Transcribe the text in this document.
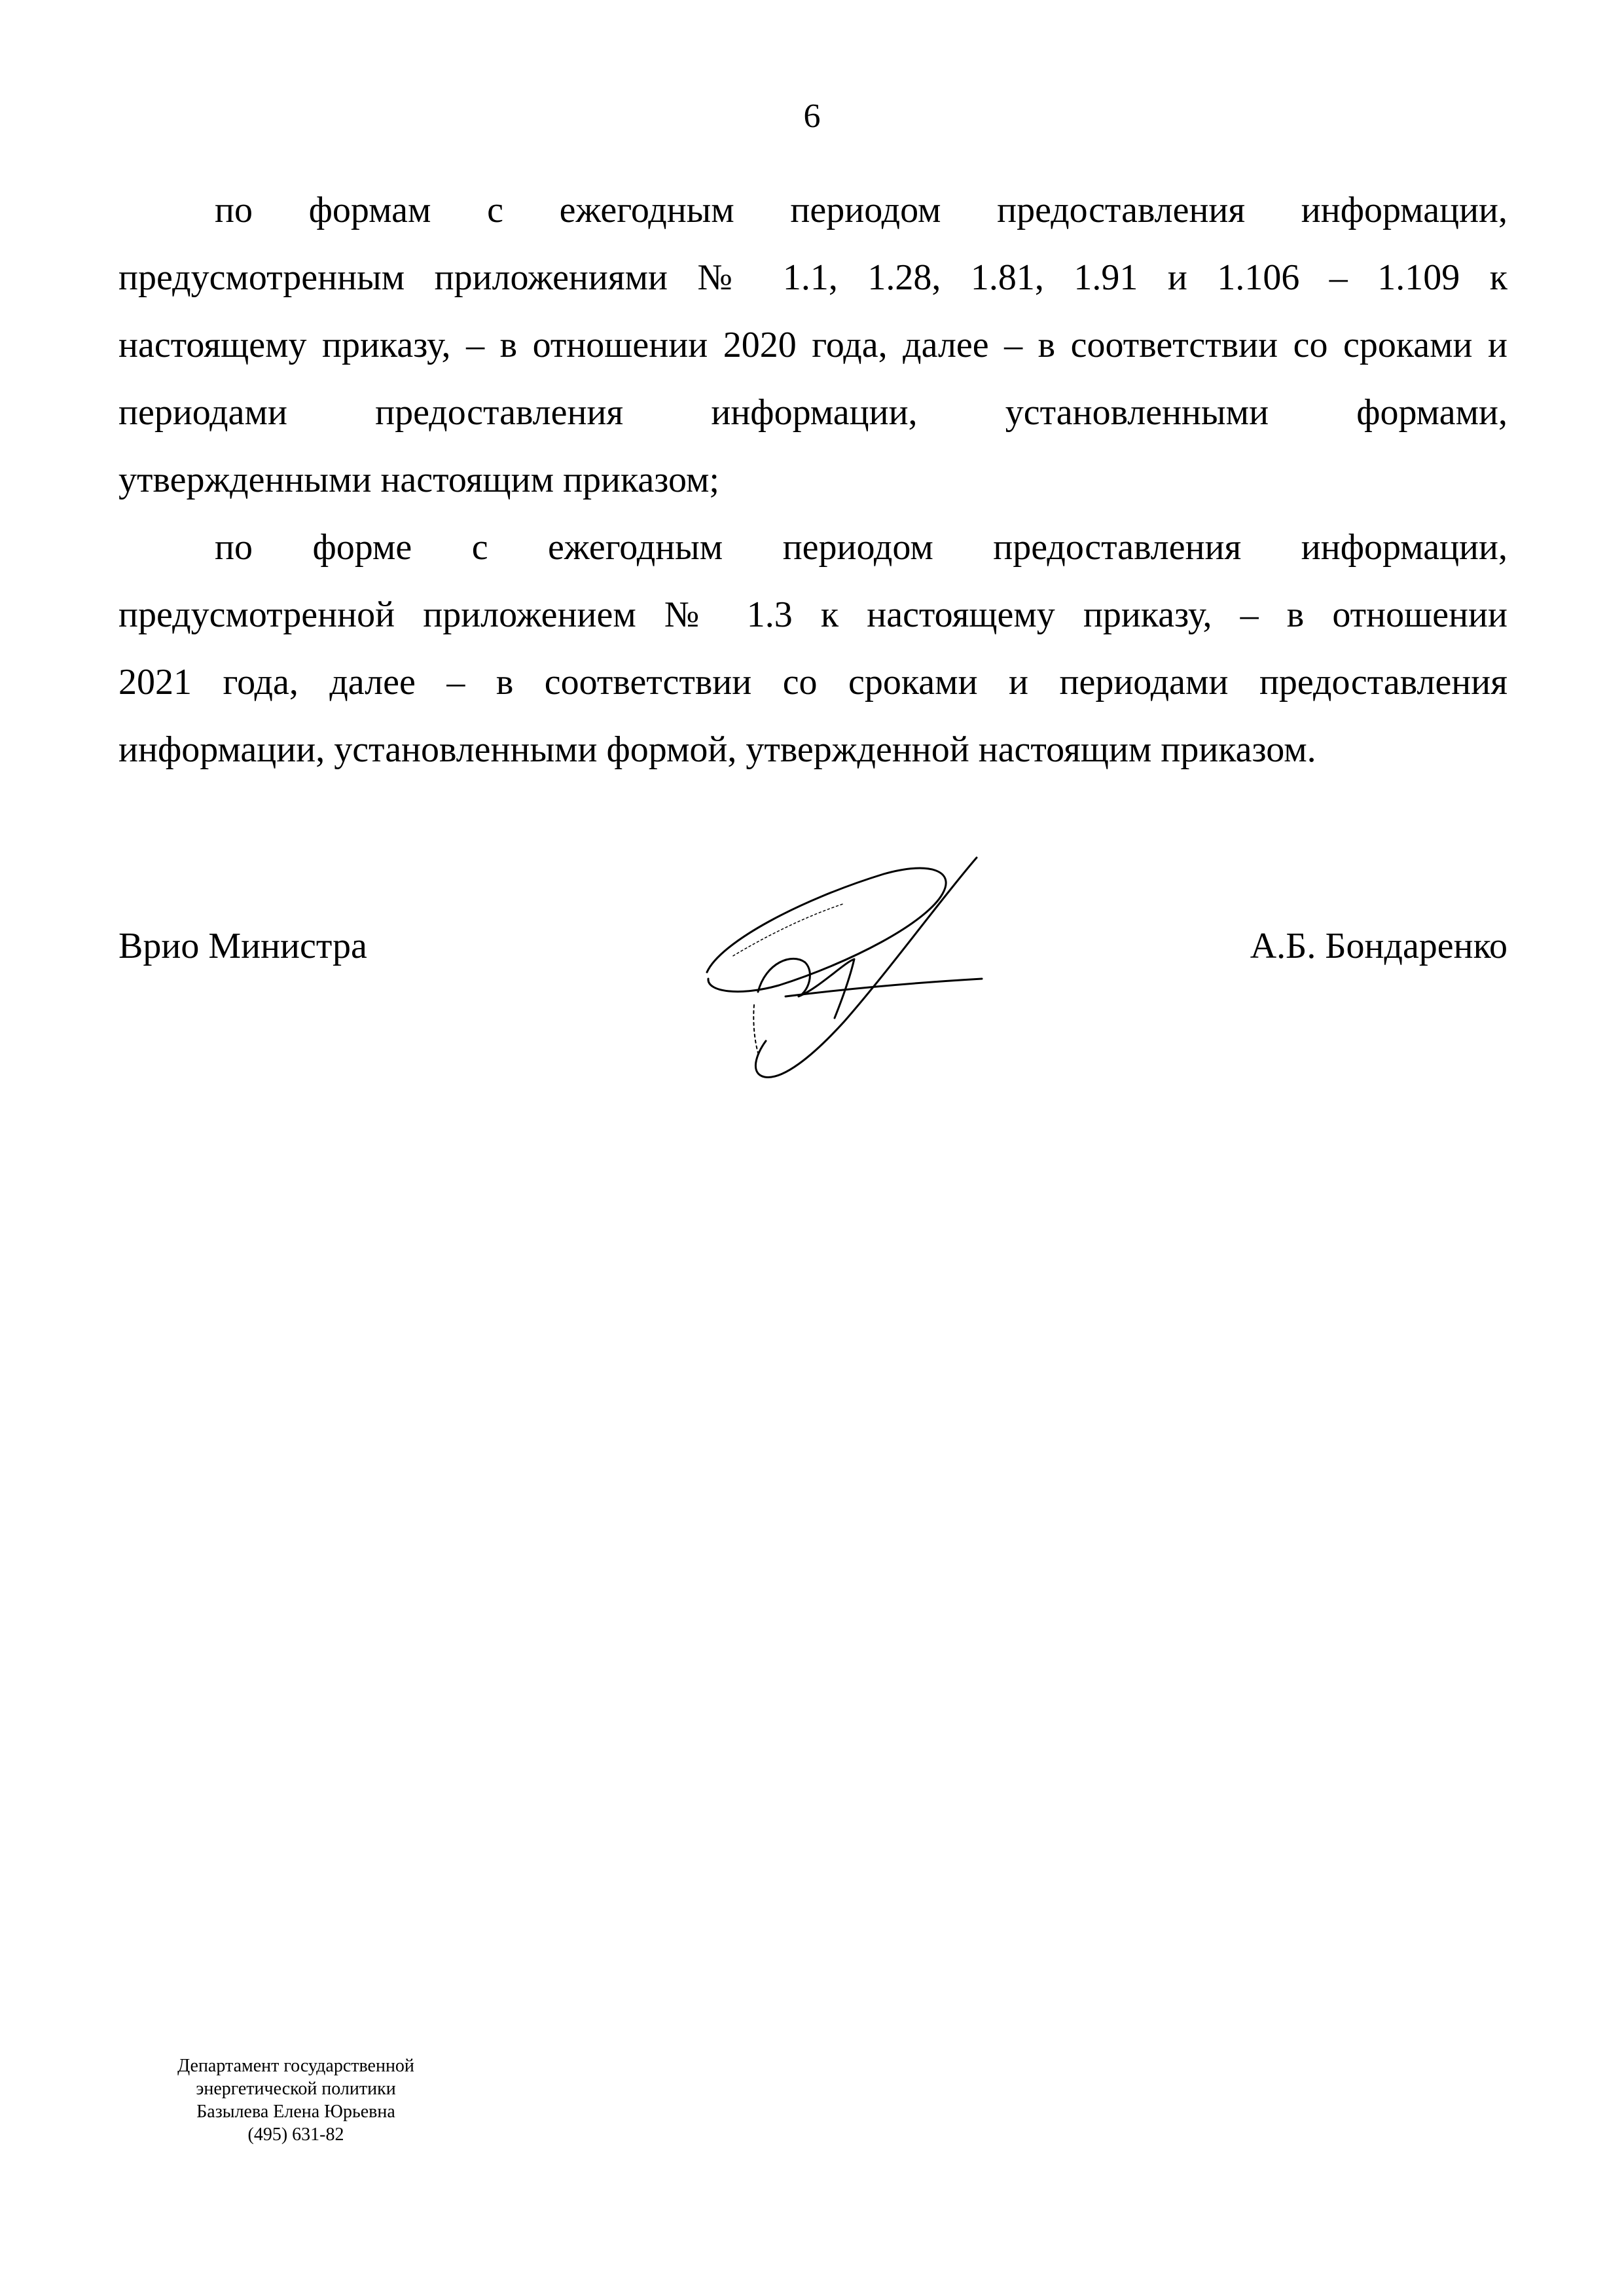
6
по формам с ежегодным периодом предоставления информации,
предусмотренным приложениями № 1.1, 1.28, 1.81, 1.91 и 1.106 – 1.109 к
настоящему приказу, – в отношении 2020 года, далее – в соответствии со сроками и
периодами предоставления информации, установленными формами,
утвержденными настоящим приказом;
по форме с ежегодным периодом предоставления информации,
предусмотренной приложением № 1.3 к настоящему приказу, – в отношении
2021 года, далее – в соответствии со сроками и периодами предоставления
информации, установленными формой, утвержденной настоящим приказом.
Врио Министра	А.Б. Бондаренко
Департамент государственной
энергетической политики
Базылева Елена Юрьевна
(495) 631-82
